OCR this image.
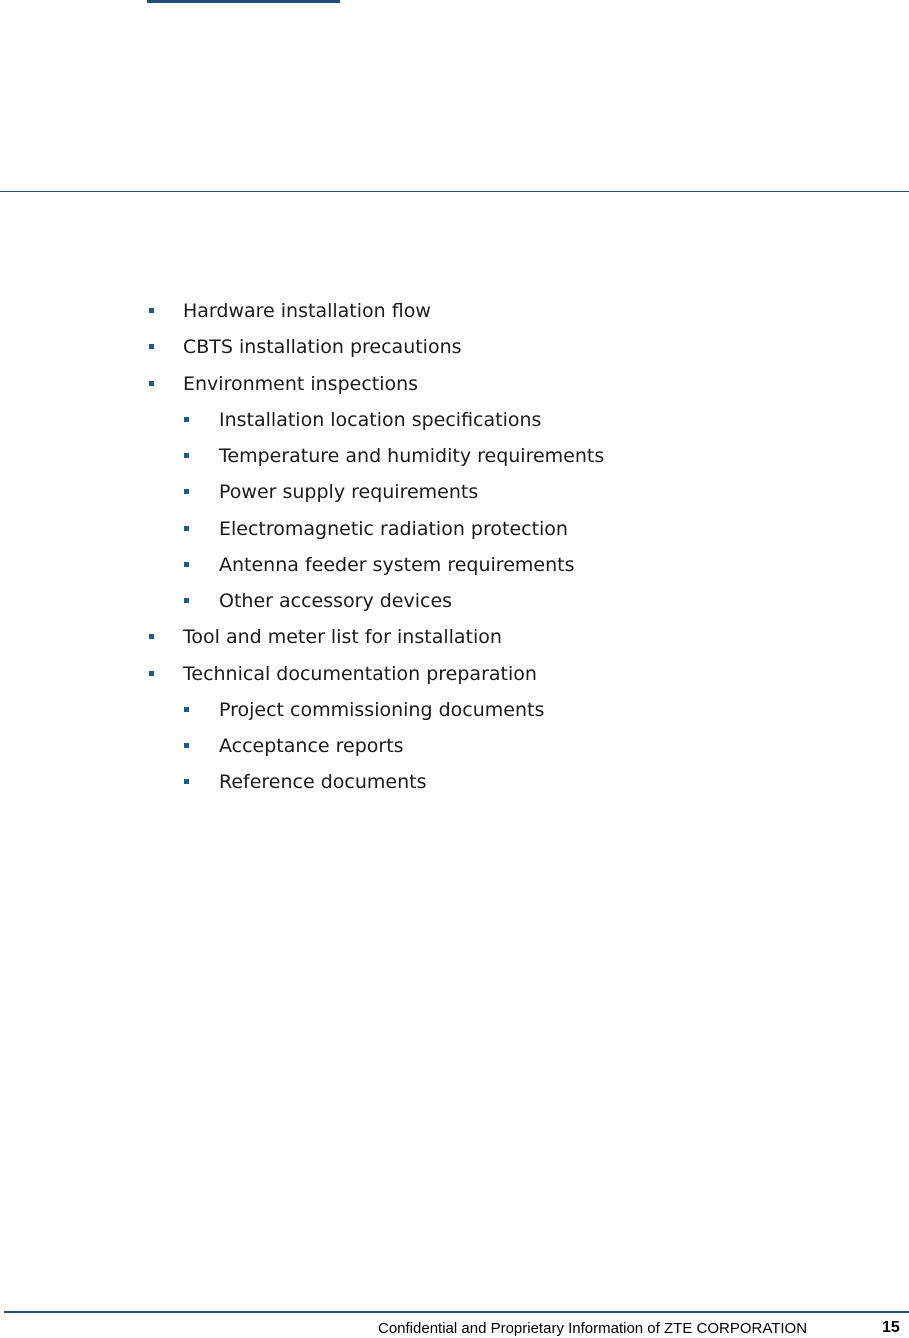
Hardware installation flow
CBTS installation precautions
Environment inspections
Installation location specifications
Temperature and humidity requirements
Power supply requirements
Electromagnetic radiation protection
Antenna feeder system requirements
Other accessory devices
Tool and meter list for installation
Technical documentation preparation
Project commissioning documents
Acceptance reports
Reference documents
Confidential and Proprietary Information of ZTE CORPORATION	15
